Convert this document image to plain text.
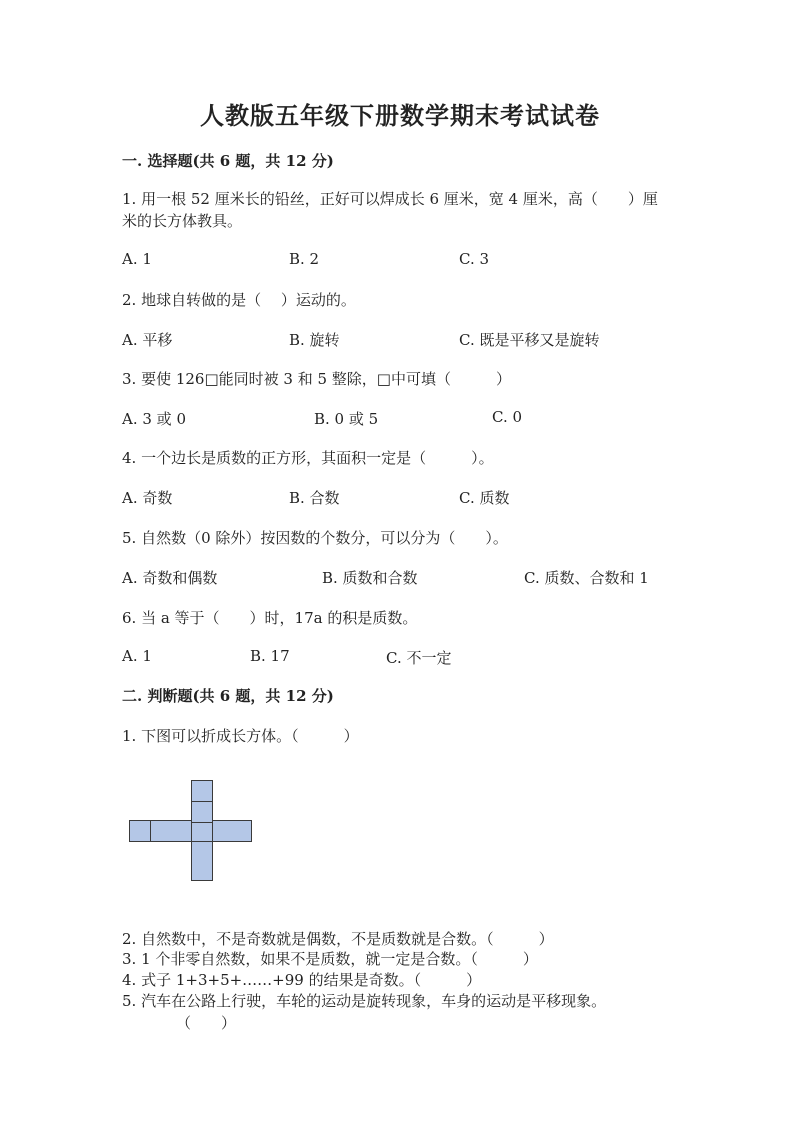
人教版五年级下册数学期末考试试卷
一. 选择题(共 6 题，共 12 分)
1. 用一根 52 厘米长的铅丝，正好可以焊成长 6 厘米，宽 4 厘米，高（　　）厘
米的长方体教具。
A. 1	B. 2	C. 3
2. 地球自转做的是（　 ）运动的。
A. 平移	B. 旋转	C. 既是平移又是旋转
3. 要使 126□能同时被 3 和 5 整除，□中可填（　　　）
A. 3 或 0	B. 0 或 5	C. 0
4. 一个边长是质数的正方形，其面积一定是（　　　）。
A. 奇数	B. 合数	C. 质数
5. 自然数（0 除外）按因数的个数分，可以分为（　　）。
A. 奇数和偶数	B. 质数和合数	C. 质数、合数和 1
6. 当 a 等于（　　）时，17a 的积是质数。
A. 1	B. 17	C. 不一定
二. 判断题(共 6 题，共 12 分)
1. 下图可以折成长方体。（　　　）
2. 自然数中，不是奇数就是偶数，不是质数就是合数。（　　　）
3. 1 个非零自然数，如果不是质数，就一定是合数。（　　　）
4. 式子 1+3+5+……+99 的结果是奇数。（　　　）
5. 汽车在公路上行驶，车轮的运动是旋转现象，车身的运动是平移现象。
（　　）
